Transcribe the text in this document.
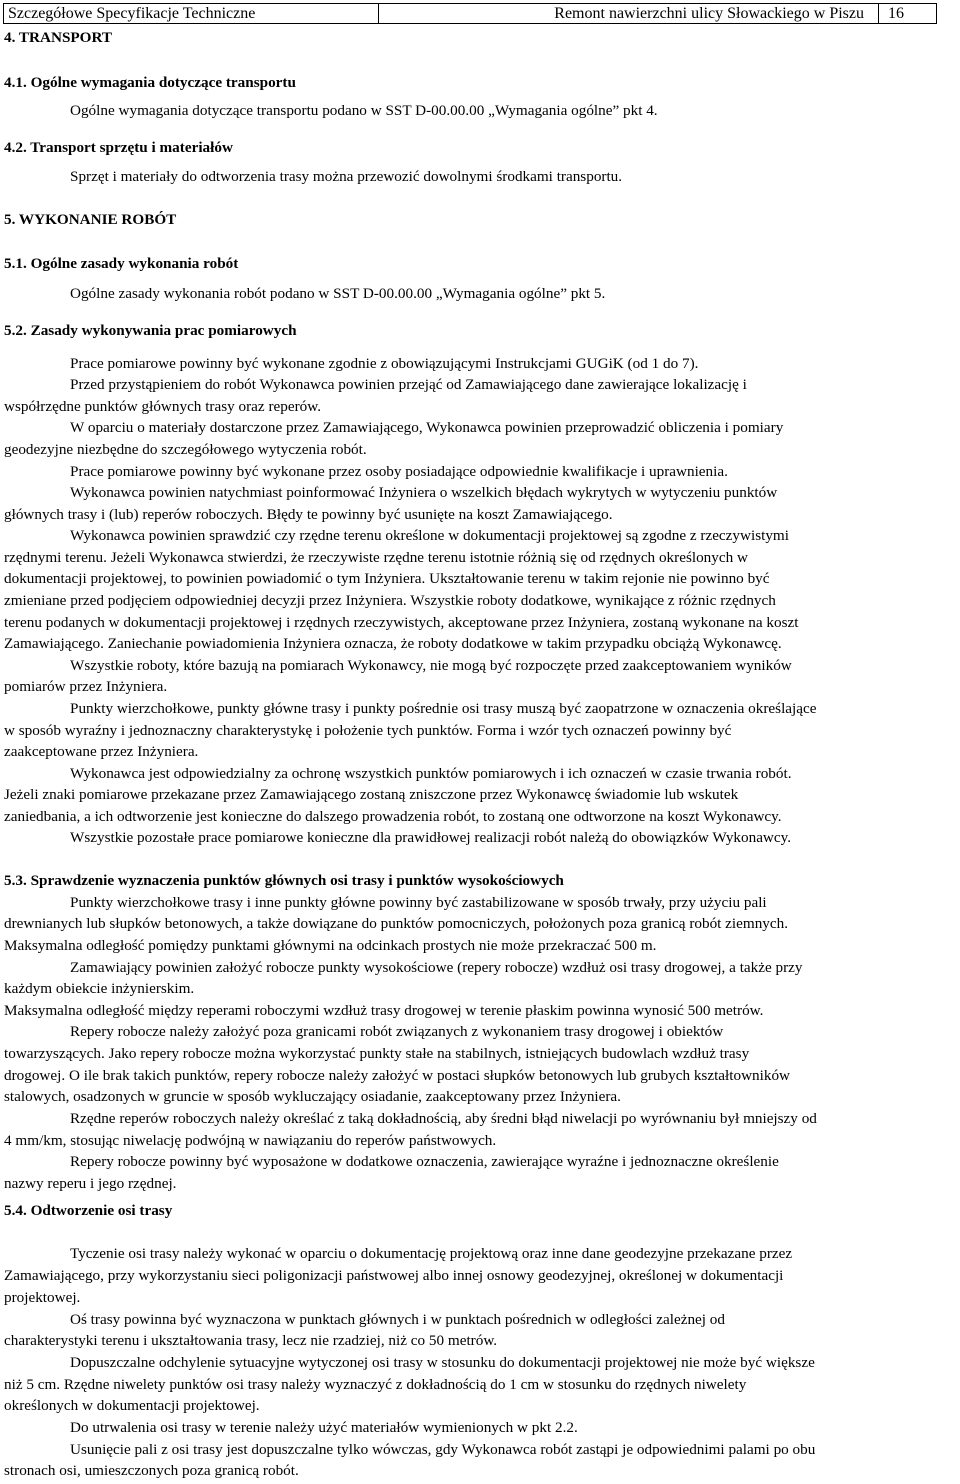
Szczegółowe Specyfikacje Techniczne	Remont nawierzchni ulicy Słowackiego w Piszu	16
4. TRANSPORT
4.1. Ogólne wymagania dotyczące transportu
Ogólne wymagania dotyczące transportu podano w SST D-00.00.00 „Wymagania ogólne” pkt 4.
4.2. Transport sprzętu i materiałów
Sprzęt i materiały do odtworzenia trasy można przewozić dowolnymi środkami transportu.
5. WYKONANIE ROBÓT
5.1. Ogólne zasady wykonania robót
Ogólne zasady wykonania robót podano w SST D-00.00.00 „Wymagania ogólne” pkt 5.
5.2. Zasady wykonywania prac pomiarowych
Prace pomiarowe powinny być wykonane zgodnie z obowiązującymi Instrukcjami GUGiK (od 1 do 7).
Przed przystąpieniem do robót Wykonawca powinien przejąć od Zamawiającego dane zawierające lokalizację i
współrzędne punktów głównych trasy oraz reperów.
W oparciu o materiały dostarczone przez Zamawiającego, Wykonawca powinien przeprowadzić obliczenia i pomiary
geodezyjne niezbędne do szczegółowego wytyczenia robót.
Prace pomiarowe powinny być wykonane przez osoby posiadające odpowiednie kwalifikacje i uprawnienia.
Wykonawca powinien natychmiast poinformować Inżyniera o wszelkich błędach wykrytych w wytyczeniu punktów
głównych trasy i (lub) reperów roboczych. Błędy te powinny być usunięte na koszt Zamawiającego.
Wykonawca powinien sprawdzić czy rzędne terenu określone w dokumentacji projektowej są zgodne z rzeczywistymi
rzędnymi terenu. Jeżeli Wykonawca stwierdzi, że rzeczywiste rzędne terenu istotnie różnią się od rzędnych określonych w
dokumentacji projektowej, to powinien powiadomić o tym Inżyniera. Ukształtowanie terenu w takim rejonie nie powinno być
zmieniane przed podjęciem odpowiedniej decyzji przez Inżyniera. Wszystkie roboty dodatkowe, wynikające z różnic rzędnych
terenu podanych w dokumentacji projektowej i rzędnych rzeczywistych, akceptowane przez Inżyniera, zostaną wykonane na koszt
Zamawiającego. Zaniechanie powiadomienia Inżyniera oznacza, że roboty dodatkowe w takim przypadku obciążą Wykonawcę.
Wszystkie roboty, które bazują na pomiarach Wykonawcy, nie mogą być rozpoczęte przed zaakceptowaniem wyników
pomiarów przez Inżyniera.
Punkty wierzchołkowe, punkty główne trasy i punkty pośrednie osi trasy muszą być zaopatrzone w oznaczenia określające
w sposób wyraźny i jednoznaczny charakterystykę i położenie tych punktów. Forma i wzór tych oznaczeń powinny być
zaakceptowane przez Inżyniera.
Wykonawca jest odpowiedzialny za ochronę wszystkich punktów pomiarowych i ich oznaczeń w czasie trwania robót.
Jeżeli znaki pomiarowe przekazane przez Zamawiającego zostaną zniszczone przez Wykonawcę świadomie lub wskutek
zaniedbania, a ich odtworzenie jest konieczne do dalszego prowadzenia robót, to zostaną one odtworzone na koszt Wykonawcy.
Wszystkie pozostałe prace pomiarowe konieczne dla prawidłowej realizacji robót należą do obowiązków Wykonawcy.
5.3. Sprawdzenie wyznaczenia punktów głównych osi trasy i punktów wysokościowych
Punkty wierzchołkowe trasy i inne punkty główne powinny być zastabilizowane w sposób trwały, przy użyciu pali
drewnianych lub słupków betonowych, a także dowiązane do punktów pomocniczych, położonych poza granicą robót ziemnych.
Maksymalna odległość pomiędzy punktami głównymi na odcinkach prostych nie może przekraczać 500 m.
Zamawiający powinien założyć robocze punkty wysokościowe (repery robocze) wzdłuż osi trasy drogowej, a także przy
każdym obiekcie inżynierskim.
Maksymalna odległość między reperami roboczymi wzdłuż trasy drogowej w terenie płaskim powinna wynosić 500 metrów.
Repery robocze należy założyć poza granicami robót związanych z wykonaniem trasy drogowej i obiektów
towarzyszących. Jako repery robocze można wykorzystać punkty stałe na stabilnych, istniejących budowlach wzdłuż trasy
drogowej. O ile brak takich punktów, repery robocze należy założyć w postaci słupków betonowych lub grubych kształtowników
stalowych, osadzonych w gruncie w sposób wykluczający osiadanie, zaakceptowany przez Inżyniera.
Rzędne reperów roboczych należy określać z taką dokładnością, aby średni błąd niwelacji po wyrównaniu był mniejszy od
4 mm/km, stosując niwelację podwójną w nawiązaniu do reperów państwowych.
Repery robocze powinny być wyposażone w dodatkowe oznaczenia, zawierające wyraźne i jednoznaczne określenie
nazwy reperu i jego rzędnej.
5.4. Odtworzenie osi trasy
Tyczenie osi trasy należy wykonać w oparciu o dokumentację projektową oraz inne dane geodezyjne przekazane przez
Zamawiającego, przy wykorzystaniu sieci poligonizacji państwowej albo innej osnowy geodezyjnej, określonej w dokumentacji
projektowej.
Oś trasy powinna być wyznaczona w punktach głównych i w punktach pośrednich w odległości zależnej od
charakterystyki terenu i ukształtowania trasy, lecz nie rzadziej, niż co 50 metrów.
Dopuszczalne odchylenie sytuacyjne wytyczonej osi trasy w stosunku do dokumentacji projektowej nie może być większe
niż 5 cm. Rzędne niwelety punktów osi trasy należy wyznaczyć z dokładnością do 1 cm w stosunku do rzędnych niwelety
określonych w dokumentacji projektowej.
Do utrwalenia osi trasy w terenie należy użyć materiałów wymienionych w pkt 2.2.
Usunięcie pali z osi trasy jest dopuszczalne tylko wówczas, gdy Wykonawca robót zastąpi je odpowiednimi palami po obu
stronach osi, umieszczonych poza granicą robót.
